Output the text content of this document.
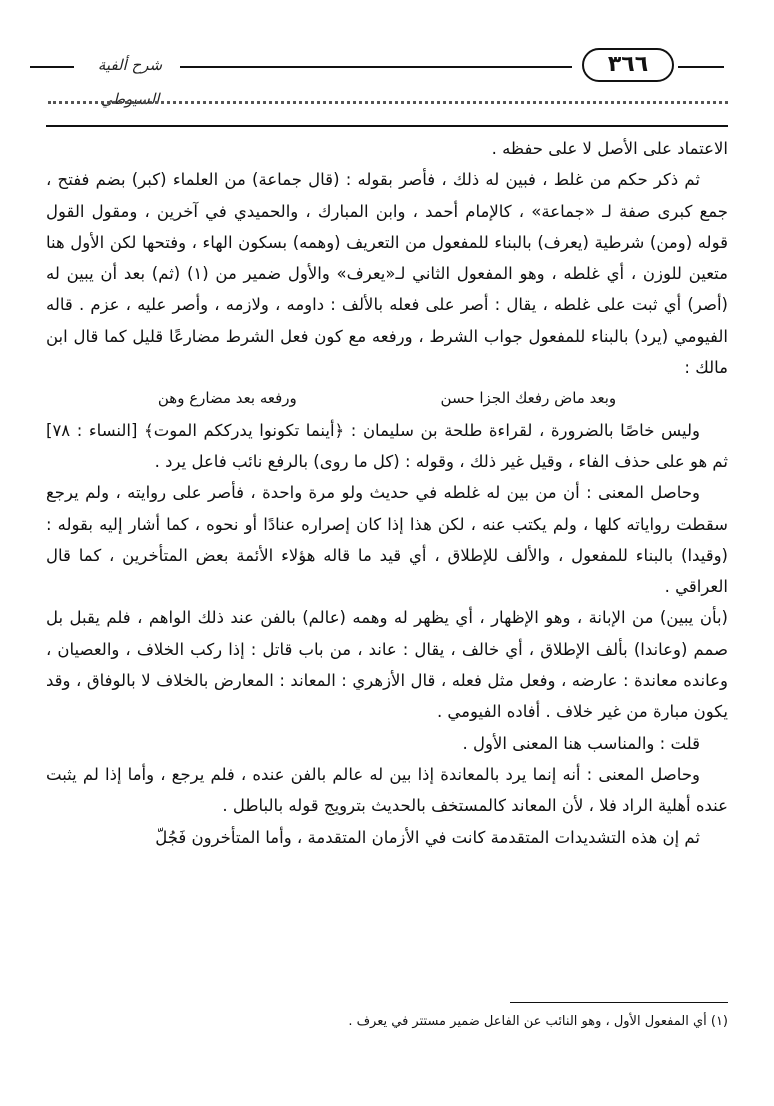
شرح ألفية السيوطي
٣٦٦

الاعتماد على الأصل لا على حفظه .

ثم ذكر حكم من غلط ، فبين له ذلك ، فأصر بقوله : (قال جماعة) من العلماء (كبر) بضم ففتح ، جمع كبرى صفة لـ «جماعة» ، كالإمام أحمد ، وابن المبارك ، والحميدي في آخرين ، ومقول القول قوله (ومن) شرطية (يعرف) بالبناء للمفعول من التعريف (وهمه) بسكون الهاء ، وفتحها لكن الأول هنا متعين للوزن ، أي غلطه ، وهو المفعول الثاني لـ«يعرف» والأول ضمير من (١) (ثم) بعد أن يبين له (أصر) أي ثبت على غلطه ، يقال : أصر على فعله بالألف : داومه ، ولازمه ، وأصر عليه ، عزم . قاله الفيومي (يرد) بالبناء للمفعول جواب الشرط ، ورفعه مع كون فعل الشرط مضارعًا قليل كما قال ابن مالك :

وبعد ماض رفعك الجزا حسن
ورفعه بعد مضارع وهن

وليس خاصًا بالضرورة ، لقراءة طلحة بن سليمان : ﴿أينما تكونوا يدرككم الموت﴾ [النساء : ٧٨] ثم هو على حذف الفاء ، وقيل غير ذلك ، وقوله : (كل ما روى) بالرفع نائب فاعل يرد .

وحاصل المعنى : أن من بين له غلطه في حديث ولو مرة واحدة ، فأصر على روايته ، ولم يرجع سقطت رواياته كلها ، ولم يكتب عنه ، لكن هذا إذا كان إصراره عنادًا أو نحوه ، كما أشار إليه بقوله : (وقيدا) بالبناء للمفعول ، والألف للإطلاق ، أي قيد ما قاله هؤلاء الأئمة بعض المتأخرين ، كما قال العراقي .

(بأن يبين) من الإبانة ، وهو الإظهار ، أي يظهر له وهمه (عالم) بالفن عند ذلك الواهم ، فلم يقبل بل صمم (وعاندا) بألف الإطلاق ، أي خالف ، يقال : عاند ، من باب قاتل : إذا ركب الخلاف ، والعصيان ، وعانده معاندة : عارضه ، وفعل مثل فعله ، قال الأزهري : المعاند : المعارض بالخلاف لا بالوفاق ، وقد يكون مبارة من غير خلاف . أفاده الفيومي .

قلت : والمناسب هنا المعنى الأول .

وحاصل المعنى : أنه إنما يرد بالمعاندة إذا بين له عالم بالفن عنده ، فلم يرجع ، وأما إذا لم يثبت عنده أهلية الراد فلا ، لأن المعاند كالمستخف بالحديث بترويج قوله بالباطل .

ثم إن هذه التشديدات المتقدمة كانت في الأزمان المتقدمة ، وأما المتأخرون فَجُلّ

(١) أي المفعول الأول ، وهو النائب عن الفاعل ضمير مستتر في يعرف .
